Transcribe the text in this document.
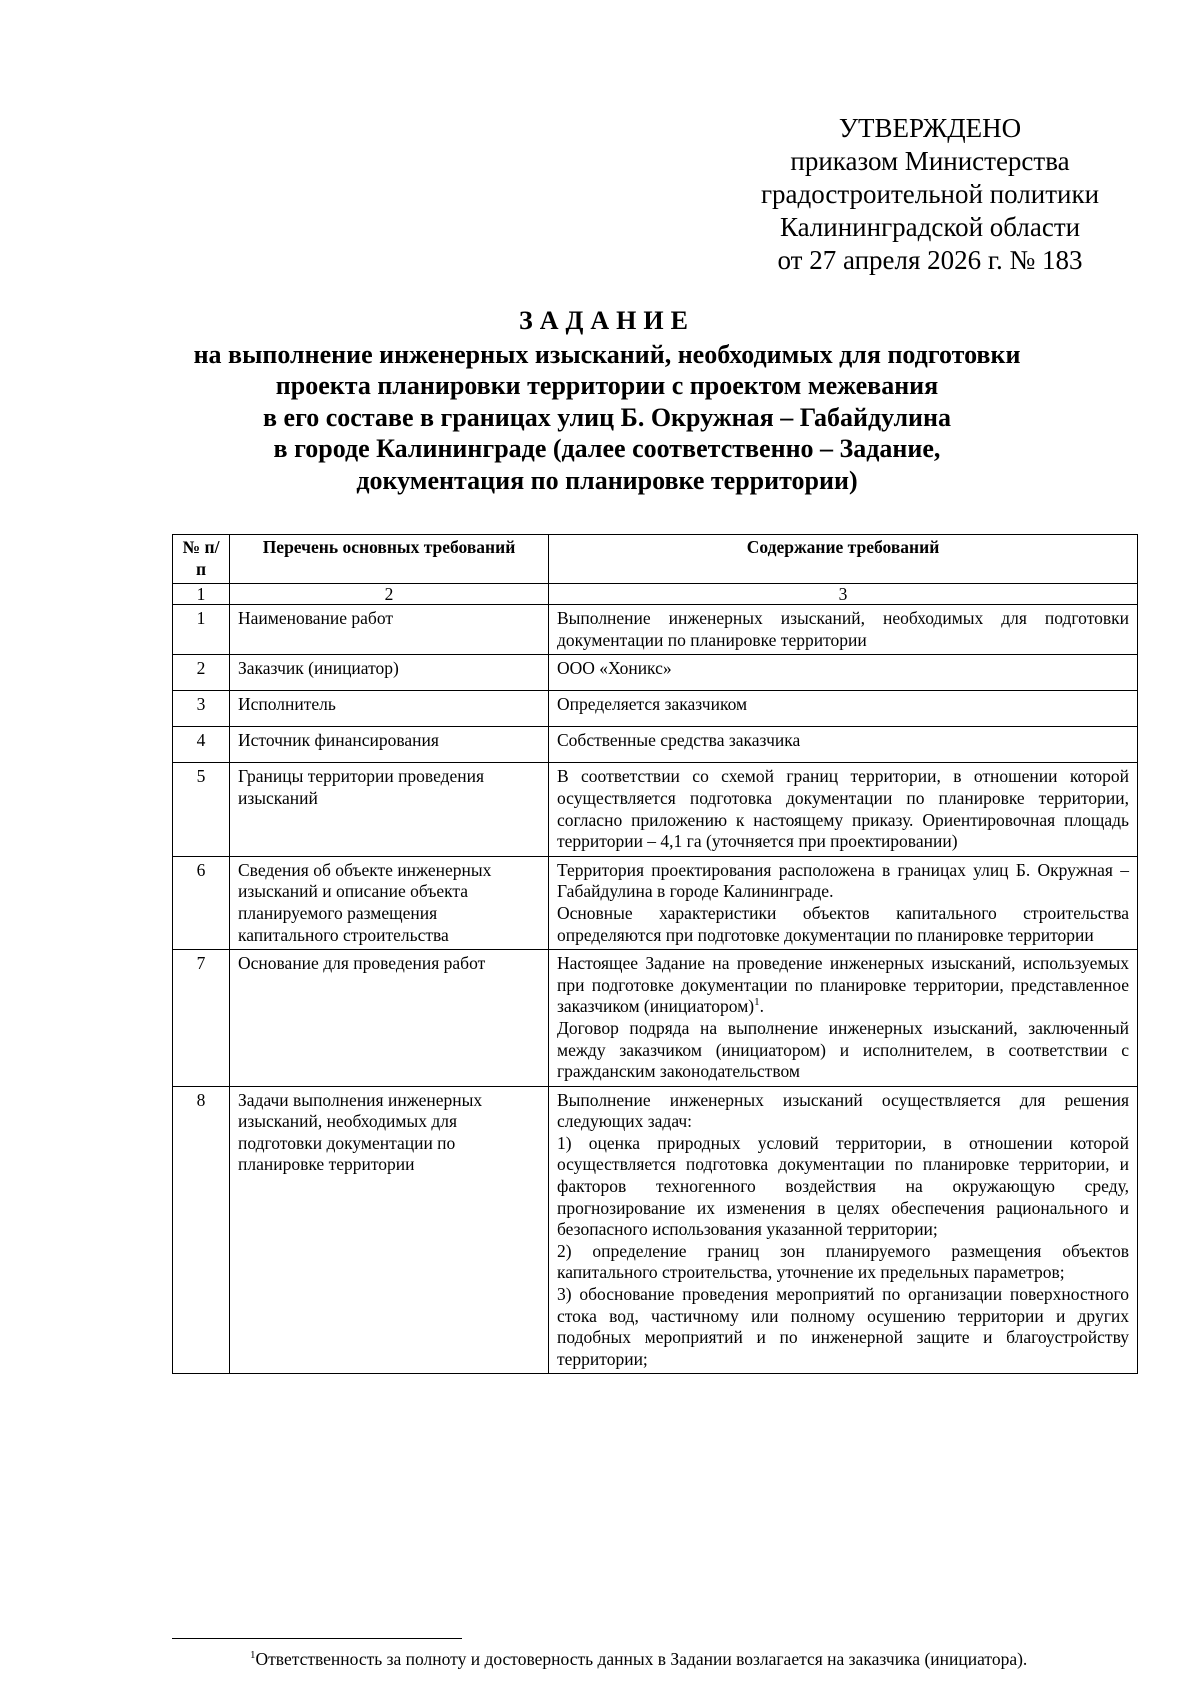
УТВЕРЖДЕНО
приказом Министерства
градостроительной политики
Калининградской области
от 27 апреля 2026 г. № 183
ЗАДАНИЕ
на выполнение инженерных изысканий, необходимых для подготовки
проекта планировки территории с проектом межевания
в его составе в границах улиц Б. Окружная – Габайдулина
в городе Калининграде (далее соответственно – Задание,
документация по планировке территории)
№ п/п	Перечень основных требований	Содержание требований
1	2	3
1	Наименование работ	Выполнение инженерных изысканий, необходимых для подготовки документации по планировке территории

2	Заказчик (инициатор)	ООО «Хоникс»

3	Исполнитель	Определяется заказчиком

4	Источник финансирования	Собственные средства заказчика

5	Границы территории проведения изысканий	В соответствии со схемой границ территории, в отношении которой осуществляется подготовка документации по планировке территории, согласно приложению к настоящему приказу. Ориентировочная площадь территории – 4,1 га (уточняется при проектировании)

6	Сведения об объекте инженерных изысканий и описание объекта планируемого размещения капитального строительства	Территория проектирования расположена в границах улиц Б. Окружная – Габайдулина в городе Калининграде.

Основные характеристики объектов капитального строительства определяются при подготовке документации по планировке территории

7	Основание для проведения работ	Настоящее Задание на проведение инженерных изысканий, используемых при подготовке документации по планировке территории, представленное заказчиком (инициатором)$^1$.

Договор подряда на выполнение инженерных изысканий, заключенный между заказчиком (инициатором) и исполнителем, в соответствии с гражданским законодательством

8	Задачи выполнения инженерных изысканий, необходимых для подготовки документации по планировке территории	Выполнение инженерных изысканий осуществляется для решения следующих задач:

1) оценка природных условий территории, в отношении которой осуществляется подготовка документации по планировке территории, и факторов техногенного воздействия на окружающую среду, прогнозирование их изменения в целях обеспечения рационального и безопасного использования указанной территории;

2) определение границ зон планируемого размещения объектов капитального строительства, уточнение их предельных параметров;

3) обоснование проведения мероприятий по организации поверхностного стока вод, частичному или полному осушению территории и других подобных мероприятий и по инженерной защите и благоустройству территории;

$^1$Ответственность за полноту и достоверность данных в Задании возлагается на заказчика (инициатора).
